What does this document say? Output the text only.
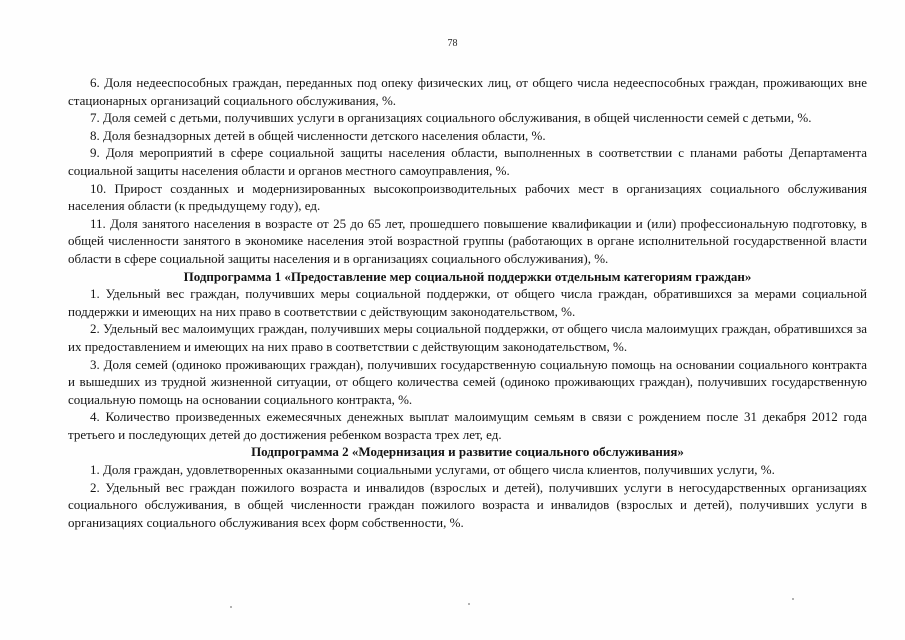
78

6. Доля недееспособных граждан, переданных под опеку физических лиц, от общего числа недееспособных граждан, проживающих вне стационарных организаций социального обслуживания, %.

7. Доля семей с детьми, получивших услуги в организациях социального обслуживания, в общей численности семей с детьми, %.

8. Доля безнадзорных детей в общей численности детского населения области, %.

9. Доля мероприятий в сфере социальной защиты населения области, выполненных в соответствии с планами работы Департамента социальной защиты населения области и органов местного самоуправления, %.

10. Прирост созданных и модернизированных высокопроизводительных рабочих мест в организациях социального обслуживания населения области (к предыдущему году), ед.

11. Доля занятого населения в возрасте от 25 до 65 лет, прошедшего повышение квалификации и (или) профессиональную подготовку, в общей численности занятого в экономике населения этой возрастной группы (работающих в органе исполнительной государственной власти области в сфере социальной защиты населения и в организациях социального обслуживания), %.

Подпрограмма 1 «Предоставление мер социальной поддержки отдельным категориям граждан»

1. Удельный вес граждан, получивших меры социальной поддержки, от общего числа граждан, обратившихся за мерами социальной поддержки и имеющих на них право в соответствии с действующим законодательством, %.

2. Удельный вес малоимущих граждан, получивших меры социальной поддержки, от общего числа малоимущих граждан, обратившихся за их предоставлением и имеющих на них право в соответствии с действующим законодательством, %.

3. Доля семей (одиноко проживающих граждан), получивших государственную социальную помощь на основании социального контракта и вышедших из трудной жизненной ситуации, от общего количества семей (одиноко проживающих граждан), получивших государственную социальную помощь на основании социального контракта, %.

4. Количество произведенных ежемесячных денежных выплат малоимущим семьям в связи с рождением после 31 декабря 2012 года третьего и последующих детей до достижения ребенком возраста трех лет, ед.

Подпрограмма 2 «Модернизация и развитие социального обслуживания»

1. Доля граждан, удовлетворенных оказанными социальными услугами, от общего числа клиентов, получивших услуги, %.

2. Удельный вес граждан пожилого возраста и инвалидов (взрослых и детей), получивших услуги в негосударственных организациях социального обслуживания, в общей численности граждан пожилого возраста и инвалидов (взрослых и детей), получивших услуги в организациях социального обслуживания всех форм собственности, %.
